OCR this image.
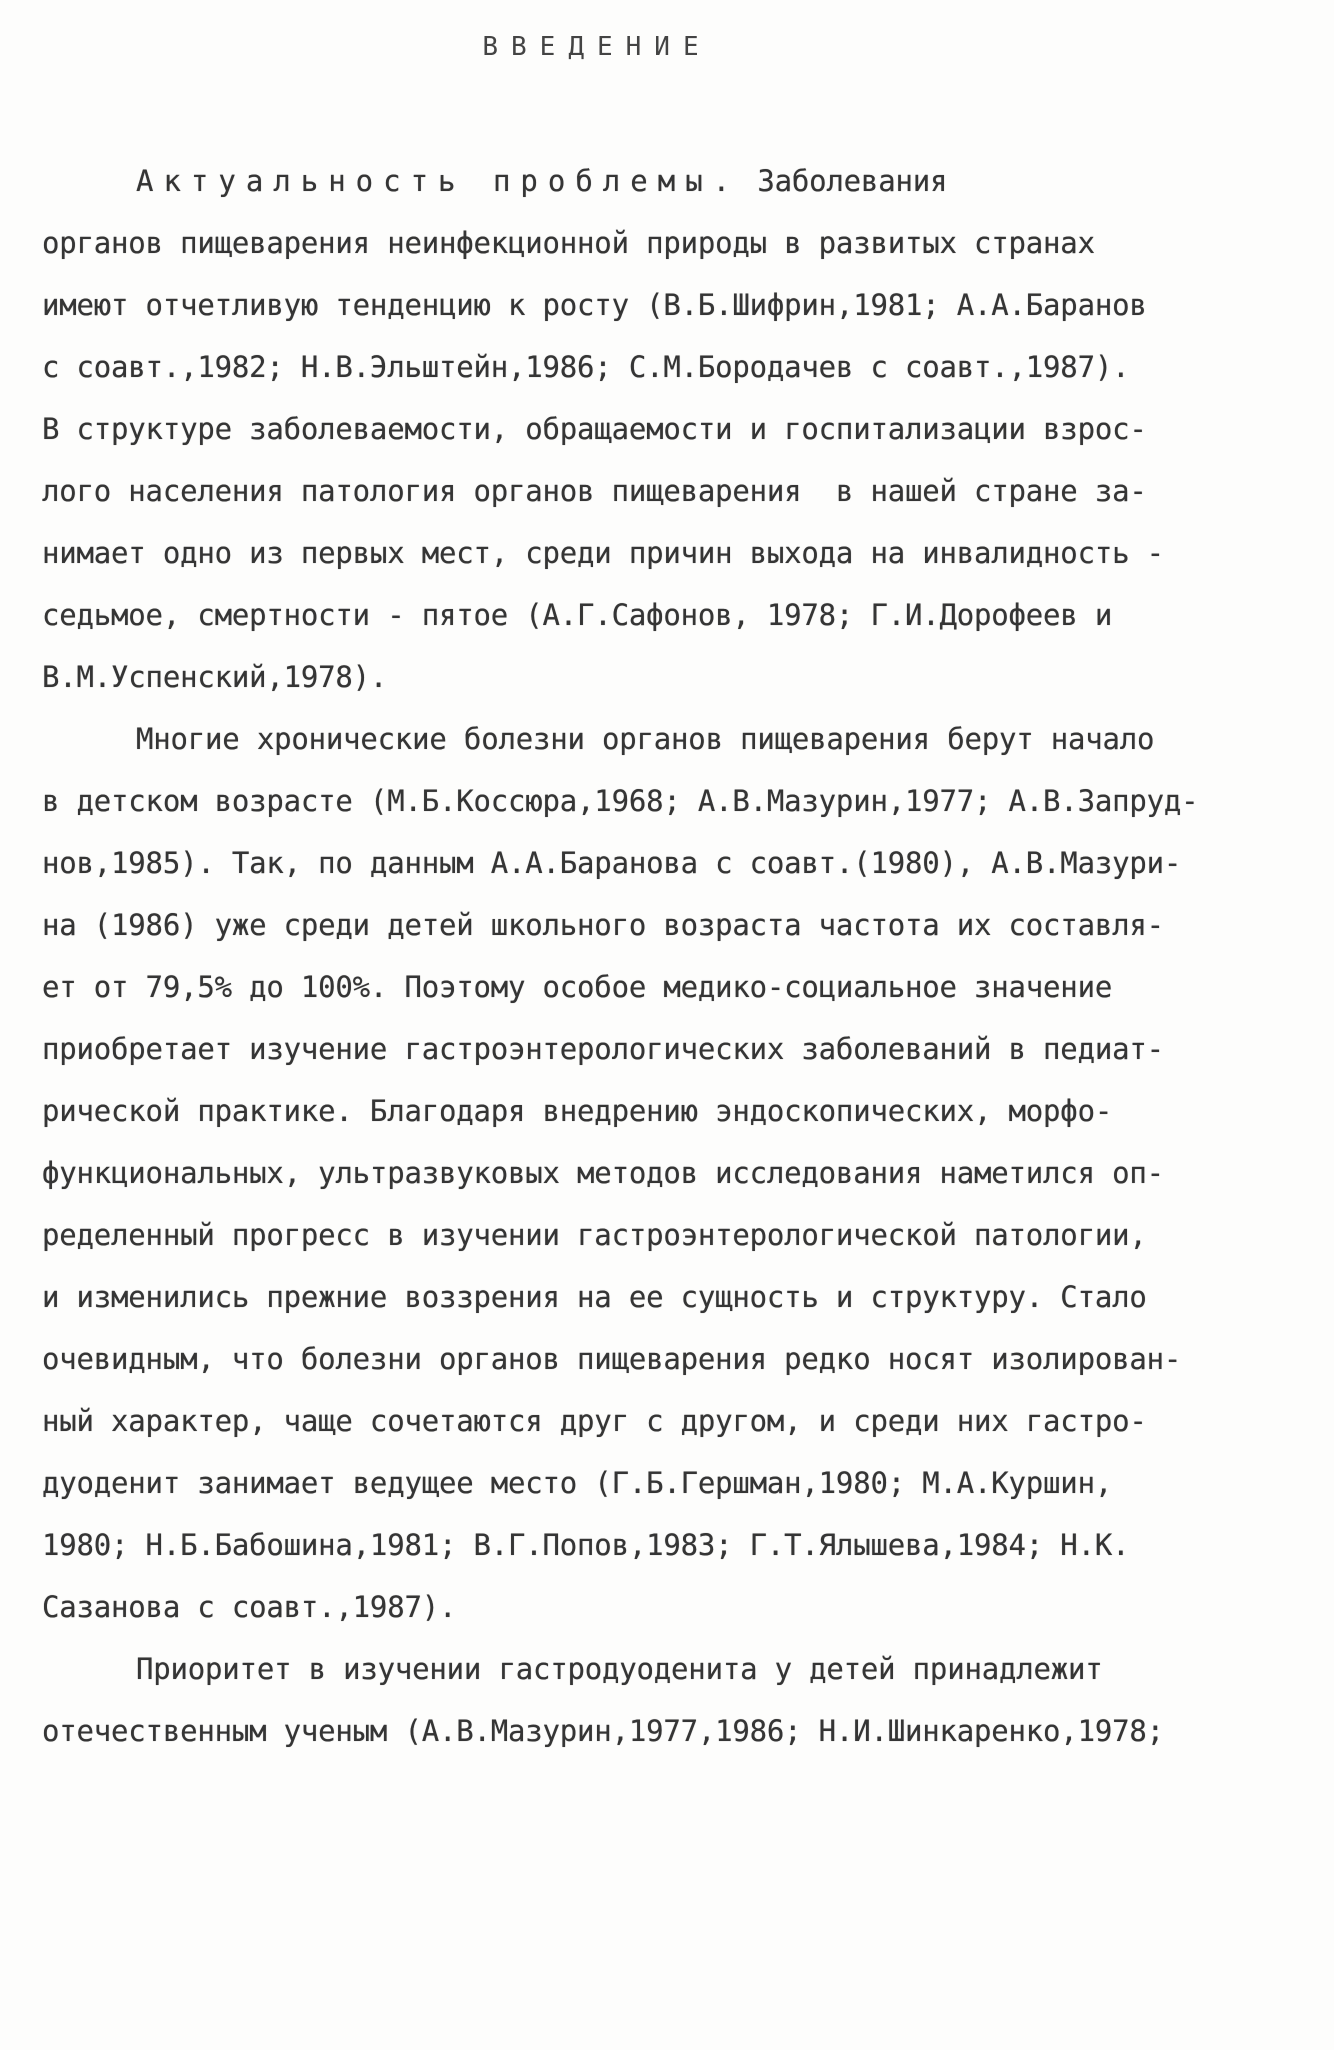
ВВЕДЕНИЕ
Актуальность проблемы. Заболевания
органов пищеварения неинфекционной природы в развитых странах
имеют отчетливую тенденцию к росту (В.Б.Шифрин,1981; А.А.Баранов
с соавт.,1982; Н.В.Эльштейн,1986; С.М.Бородачев с соавт.,1987).
В структуре заболеваемости, обращаемости и госпитализации взрос-
лого населения патология органов пищеварения  в нашей стране за-
нимает одно из первых мест, среди причин выхода на инвалидность -
седьмое, смертности - пятое (А.Г.Сафонов, 1978; Г.И.Дорофеев и
В.М.Успенский,1978).
Многие хронические болезни органов пищеварения берут начало
в детском возрасте (М.Б.Коссюра,1968; А.В.Мазурин,1977; А.В.Запруд-
нов,1985). Так, по данным А.А.Баранова с соавт.(1980), А.В.Мазури-
на (1986) уже среди детей школьного возраста частота их составля-
ет от 79,5% до 100%. Поэтому особое медико-социальное значение
приобретает изучение гастроэнтерологических заболеваний в педиат-
рической практике. Благодаря внедрению эндоскопических, морфо-
функциональных, ультразвуковых методов исследования наметился оп-
ределенный прогресс в изучении гастроэнтерологической патологии,
и изменились прежние воззрения на ее сущность и структуру. Стало
очевидным, что болезни органов пищеварения редко носят изолирован-
ный характер, чаще сочетаются друг с другом, и среди них гастро-
дуоденит занимает ведущее место (Г.Б.Гершман,1980; М.А.Куршин,
1980; Н.Б.Бабошина,1981; В.Г.Попов,1983; Г.Т.Ялышева,1984; Н.К.
Сазанова с соавт.,1987).
Приоритет в изучении гастродуоденита у детей принадлежит
отечественным ученым (А.В.Мазурин,1977,1986; Н.И.Шинкаренко,1978;
